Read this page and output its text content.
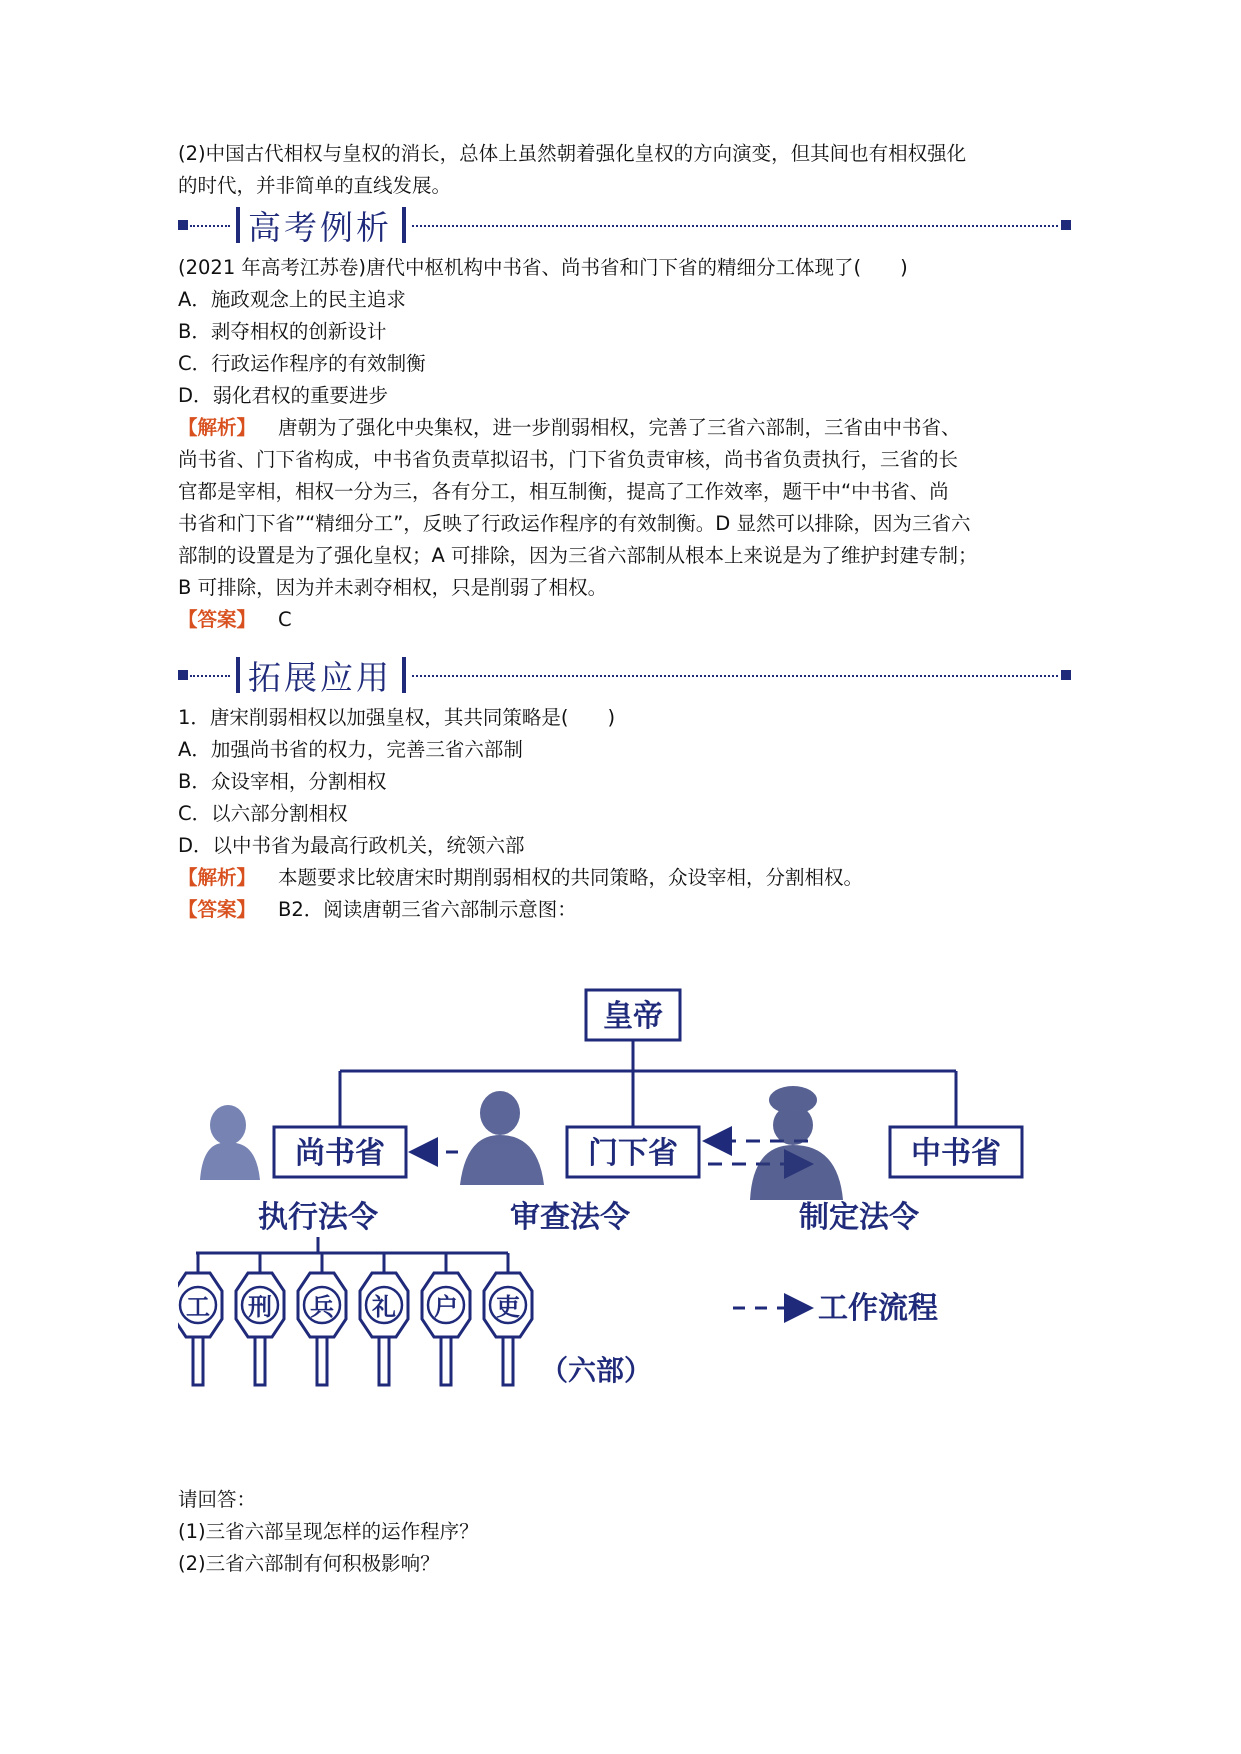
(2)中国古代相权与皇权的消长，总体上虽然朝着强化皇权的方向演变，但其间也有相权强化
的时代，并非简单的直线发展。
高考例析
(2021 年高考江苏卷)唐代中枢机构中书省、尚书省和门下省的精细分工体现了(　　)
A．施政观念上的民主追求
B．剥夺相权的创新设计
C．行政运作程序的有效制衡
D．弱化君权的重要进步
【解析】 唐朝为了强化中央集权，进一步削弱相权，完善了三省六部制，三省由中书省、
尚书省、门下省构成，中书省负责草拟诏书，门下省负责审核，尚书省负责执行，三省的长
官都是宰相，相权一分为三，各有分工，相互制衡，提高了工作效率，题干中“中书省、尚
书省和门下省”“精细分工”，反映了行政运作程序的有效制衡。D 显然可以排除，因为三省六
部制的设置是为了强化皇权；A 可排除，因为三省六部制从根本上来说是为了维护封建专制；
B 可排除，因为并未剥夺相权，只是削弱了相权。
【答案】 C
拓展应用
1．唐宋削弱相权以加强皇权，其共同策略是(　　)
A．加强尚书省的权力，完善三省六部制
B．众设宰相，分割相权
C．以六部分割相权
D．以中书省为最高行政机关，统领六部
【解析】 本题要求比较唐宋时期削弱相权的共同策略，众设宰相，分割相权。
【答案】 B2．阅读唐朝三省六部制示意图：
皇帝
尚书省	门下省	中书省
执行法令	审查法令	制定法令
工 刑 兵 礼 户 吏
（六部）
工作流程
请回答：
(1)三省六部呈现怎样的运作程序？
(2)三省六部制有何积极影响？
